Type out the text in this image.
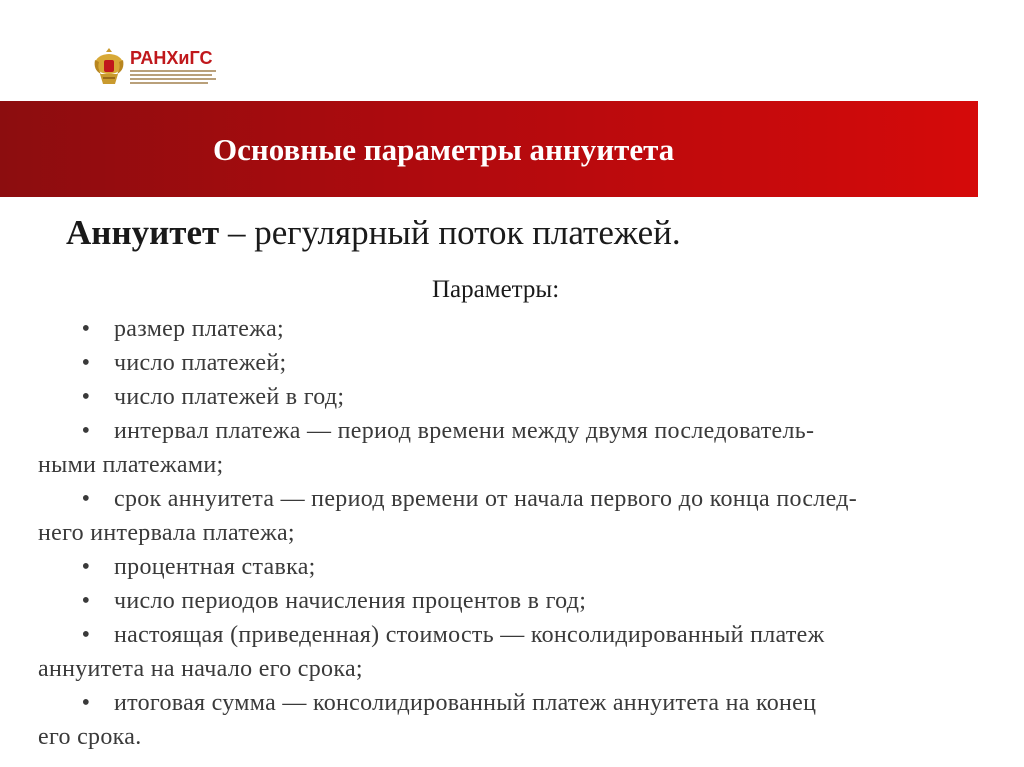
РАНХиГС
Основные параметры аннуитета
Аннуитет – регулярный поток платежей.
Параметры:
• размер платежа;
• число платежей;
• число платежей в год;
• интервал платежа — период времени между двумя последователь-
ными платежами;
• срок аннуитета — период времени от начала первого до конца послед-
него интервала платежа;
• процентная ставка;
• число периодов начисления процентов в год;
• настоящая (приведенная) стоимость — консолидированный платеж
аннуитета на начало его срока;
• итоговая сумма — консолидированный платеж аннуитета на конец
его срока.
